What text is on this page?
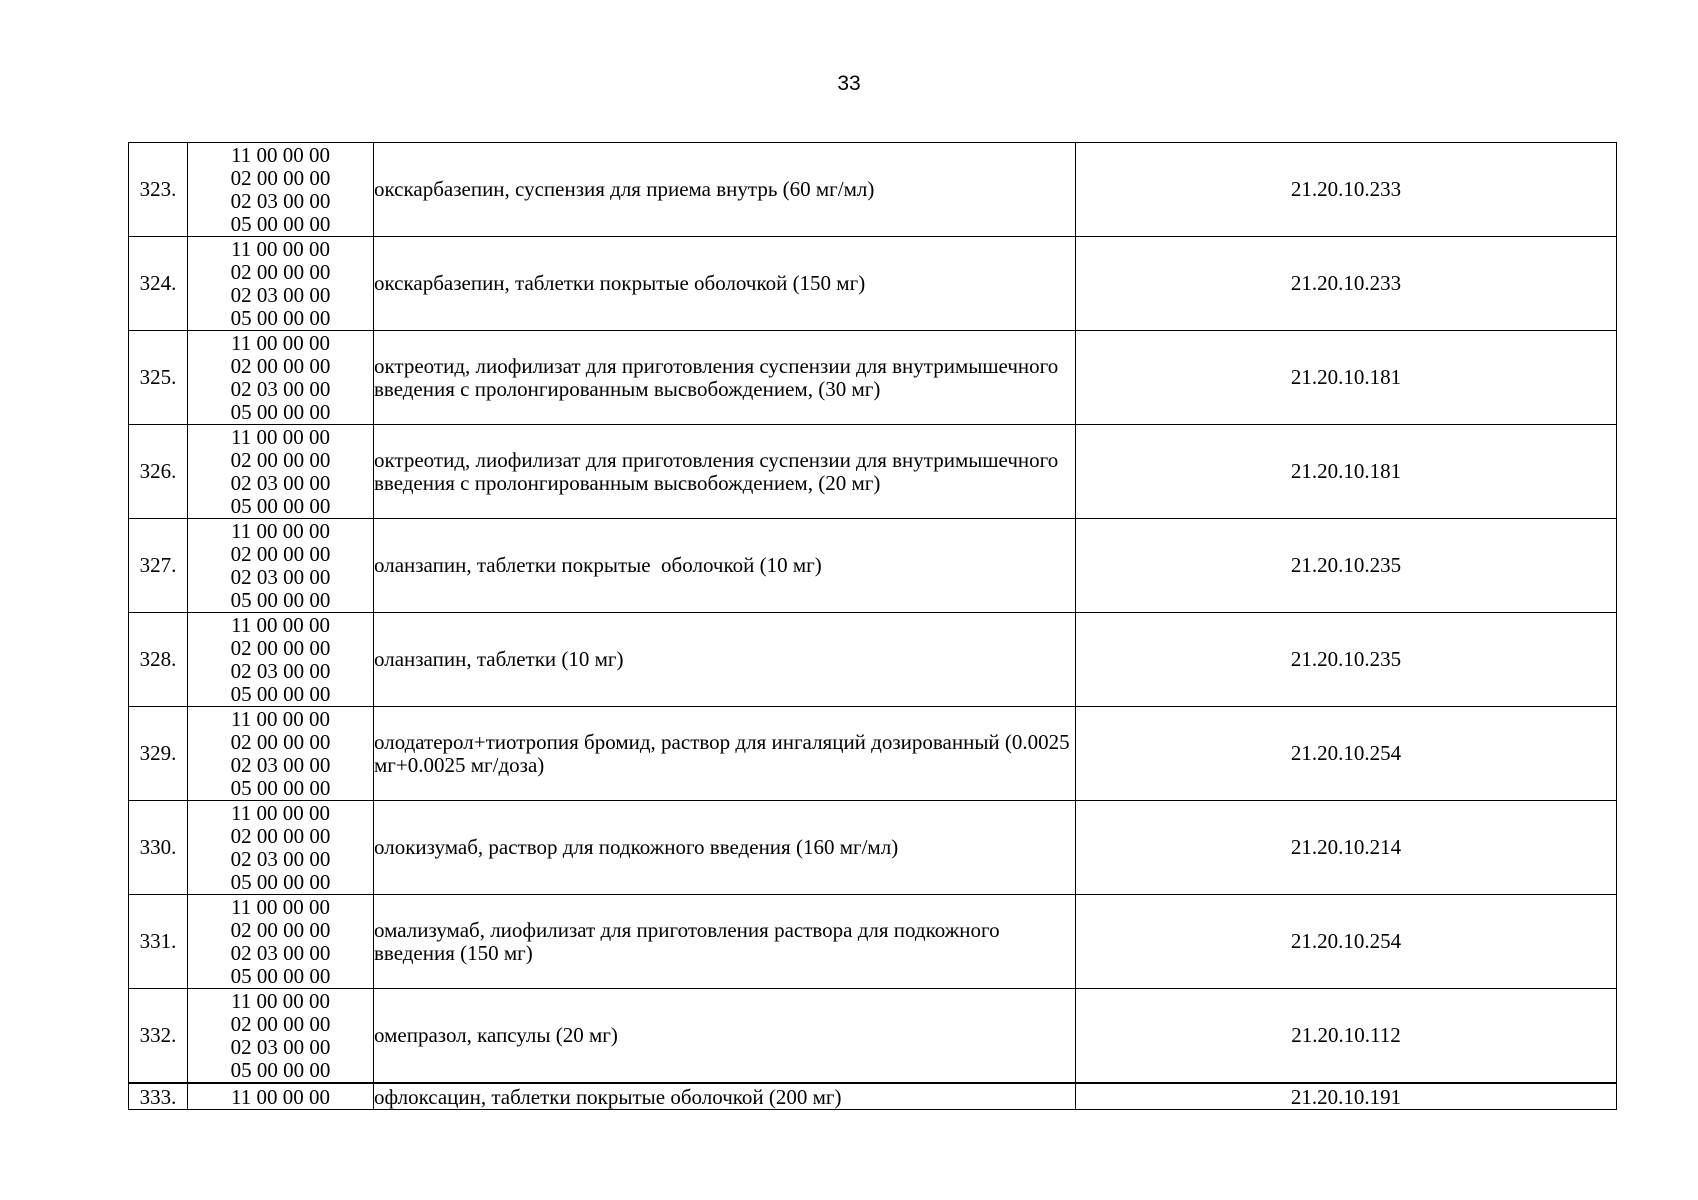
33
323.	11 00 00 00
02 00 00 00
02 03 00 00
05 00 00 00	окскарбазепин, суспензия для приема внутрь (60 мг/мл)	21.20.10.233
324.	11 00 00 00
02 00 00 00
02 03 00 00
05 00 00 00	окскарбазепин, таблетки покрытые оболочкой (150 мг)	21.20.10.233
325.	11 00 00 00
02 00 00 00
02 03 00 00
05 00 00 00	октреотид, лиофилизат для приготовления суспензии для внутримышечного введения с пролонгированным высвобождением, (30 мг)	21.20.10.181
326.	11 00 00 00
02 00 00 00
02 03 00 00
05 00 00 00	октреотид, лиофилизат для приготовления суспензии для внутримышечного введения с пролонгированным высвобождением, (20 мг)	21.20.10.181
327.	11 00 00 00
02 00 00 00
02 03 00 00
05 00 00 00	оланзапин, таблетки покрытые  оболочкой (10 мг)	21.20.10.235
328.	11 00 00 00
02 00 00 00
02 03 00 00
05 00 00 00	оланзапин, таблетки (10 мг)	21.20.10.235
329.	11 00 00 00
02 00 00 00
02 03 00 00
05 00 00 00	олодатерол+тиотропия бромид, раствор для ингаляций дозированный (0.0025 мг+0.0025 мг/доза)	21.20.10.254
330.	11 00 00 00
02 00 00 00
02 03 00 00
05 00 00 00	олокизумаб, раствор для подкожного введения (160 мг/мл)	21.20.10.214
331.	11 00 00 00
02 00 00 00
02 03 00 00
05 00 00 00	омализумаб, лиофилизат для приготовления раствора для подкожного введения (150 мг)	21.20.10.254
332.	11 00 00 00
02 00 00 00
02 03 00 00
05 00 00 00	омепразол, капсулы (20 мг)	21.20.10.112
333.	11 00 00 00	офлоксацин, таблетки покрытые оболочкой (200 мг)	21.20.10.191
